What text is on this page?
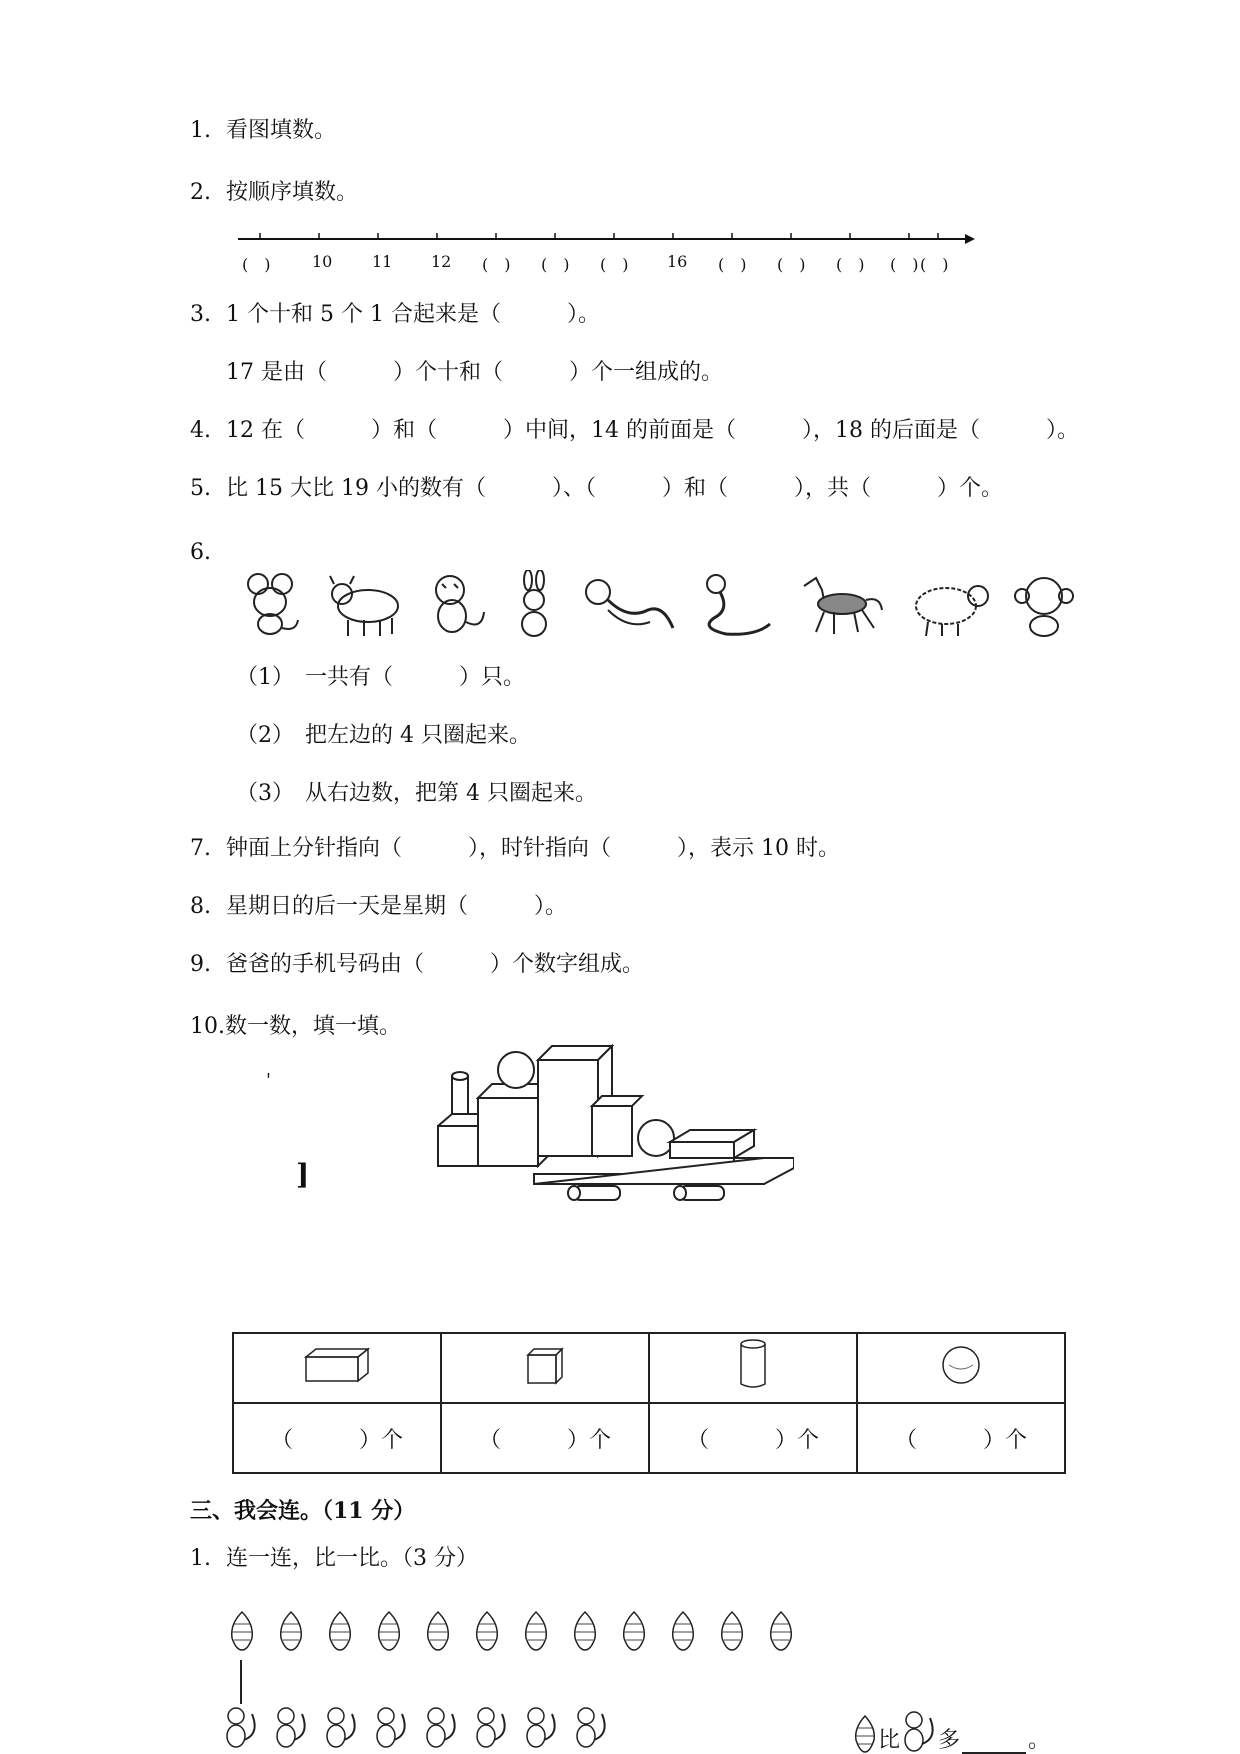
1. 看图填数。
2. 按顺序填数。
(　)	10 11 12 (　) (　) (　) 16 (　) (　) (　) (　) (　)
3. 1 个十和 5 个 1 合起来是（　　　）。
17 是由（　　　）个十和（　　　）个一组成的。
4. 12 在（　　　）和（　　　）中间，14 的前面是（　　　），18 的后面是（　　　）。
5. 比 15 大比 19 小的数有（　　　）、（　　　）和（　　　），共（　　　）个。
6.
（1）　一共有（　　　）只。
（2）　把左边的 4 只圈起来。
（3）　从右边数，把第 4 只圈起来。
7. 钟面上分针指向（　　　），时针指向（　　　），表示 10 时。
8. 星期日的后一天是星期（　　　）。
9. 爸爸的手机号码由（　　　）个数字组成。
10.数一数，填一填。
'
]

（　　　）个	（　　　）个	（　　　）个	（　　　）个
三、我会连。（11 分）
1. 连一连，比一比。（3 分）
比 多	。
